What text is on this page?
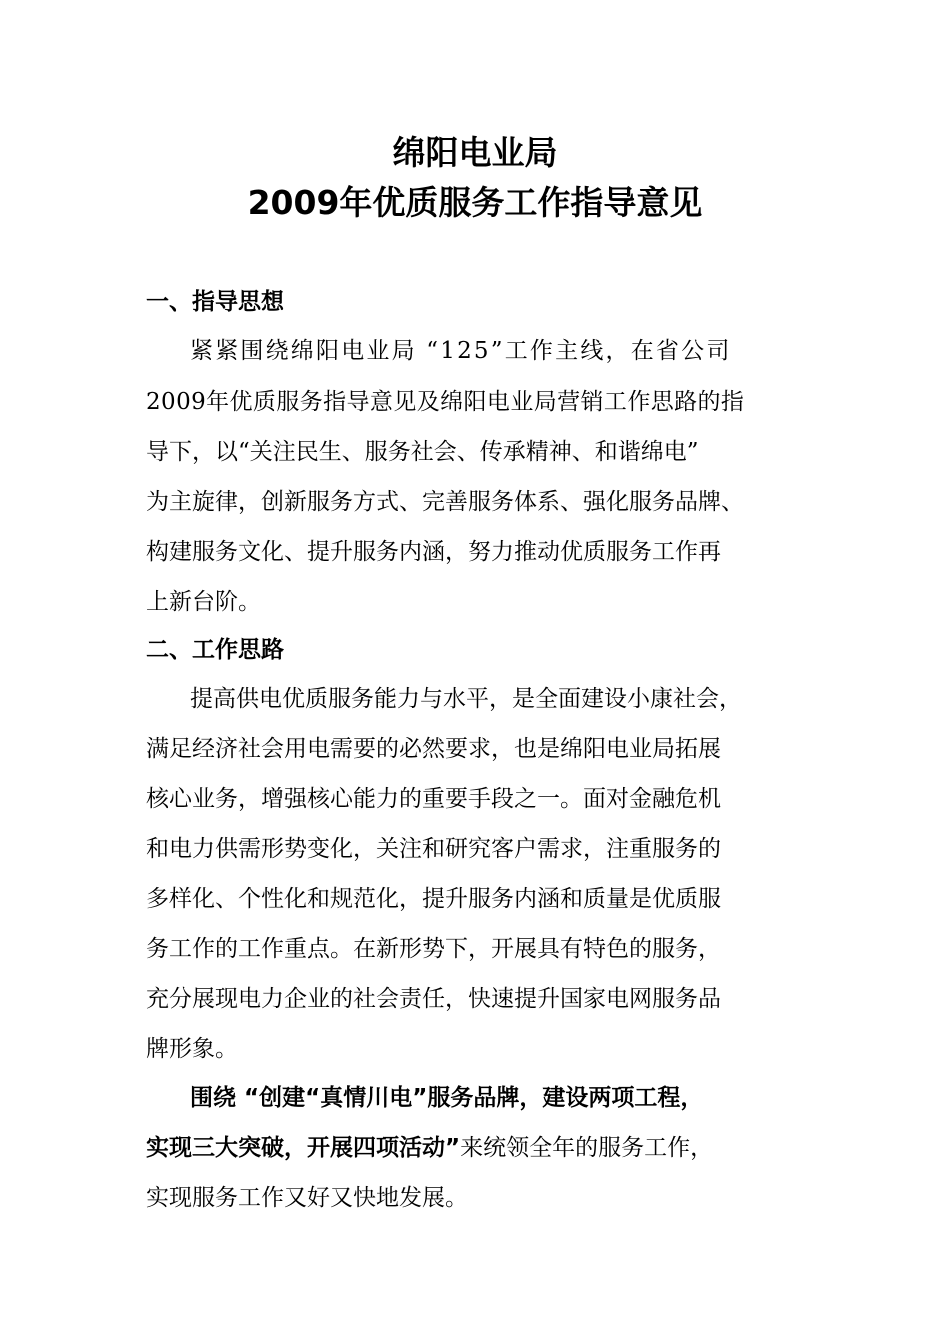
绵阳电业局
2009年优质服务工作指导意见
一、指导思想
紧紧围绕绵阳电业局 “125”工作主线，在省公司
2009年优质服务指导意见及绵阳电业局营销工作思路的指
导下，以“关注民生、服务社会、传承精神、和谐绵电”
为主旋律，创新服务方式、完善服务体系、强化服务品牌、
构建服务文化、提升服务内涵，努力推动优质服务工作再
上新台阶。
二、工作思路
提高供电优质服务能力与水平，是全面建设小康社会，
满足经济社会用电需要的必然要求，也是绵阳电业局拓展
核心业务，增强核心能力的重要手段之一。面对金融危机
和电力供需形势变化，关注和研究客户需求，注重服务的
多样化、个性化和规范化，提升服务内涵和质量是优质服
务工作的工作重点。在新形势下，开展具有特色的服务，
充分展现电力企业的社会责任，快速提升国家电网服务品
牌形象。
围绕 “创建“真情川电”服务品牌，建设两项工程，
实现三大突破，开展四项活动”来统领全年的服务工作，
实现服务工作又好又快地发展。
